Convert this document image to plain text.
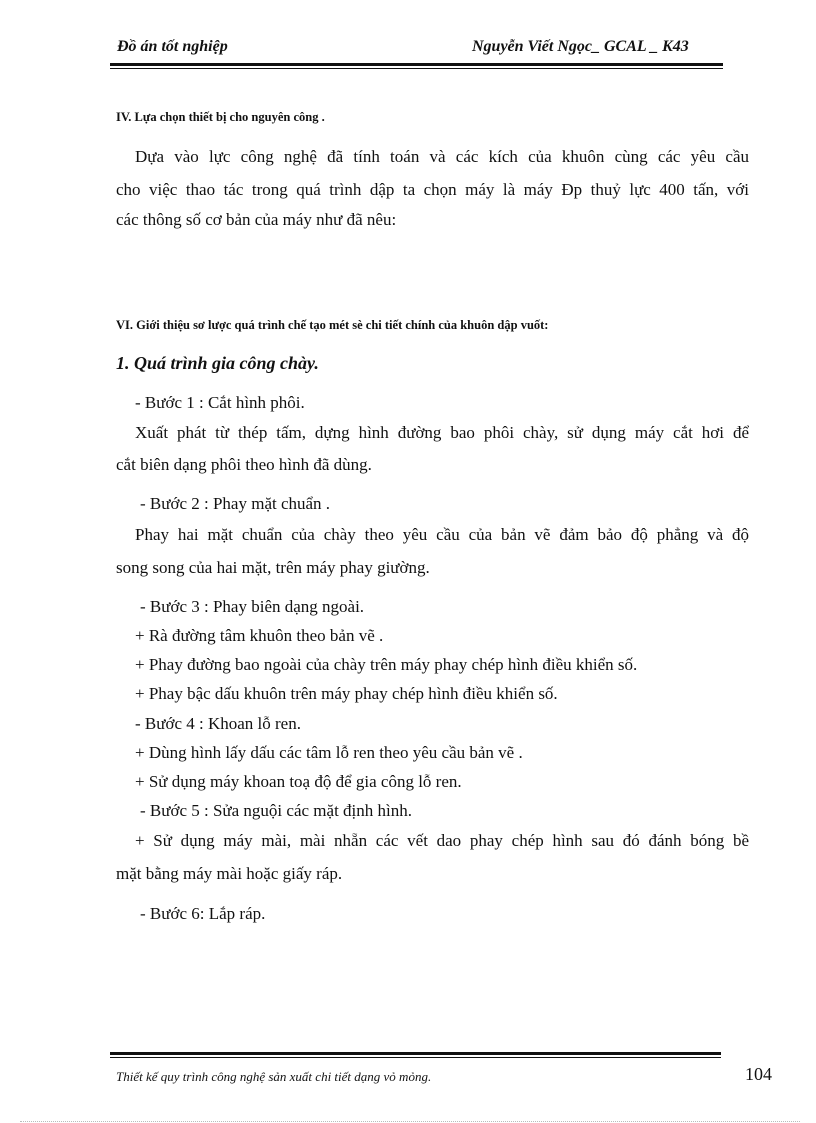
Đồ án tốt nghiệp	Nguyễn Viết Ngọc_ GCAL _ K43
IV. Lựa chọn thiết bị cho nguyên công .
Dựa vào lực công nghệ đã tính toán và các kích của khuôn cùng các yêu cầu
cho việc thao tác trong quá trình dập ta chọn máy là máy Đp thuỷ lực 400 tấn, với
các thông số cơ bản của máy như đã nêu:
VI. Giới thiệu sơ lược quá trình chế tạo mét sè chi tiết chính của khuôn dập vuốt:
1. Quá trình gia công chày.
- Bước 1 : Cắt hình phôi.
Xuất phát từ thép tấm, dựng hình đường bao phôi chày, sử dụng máy cắt hơi để
cắt biên dạng phôi theo hình đã dùng.
- Bước 2 : Phay mặt chuẩn .
Phay hai mặt chuẩn của chày theo yêu cầu của bản vẽ đảm bảo độ phẳng và độ
song song của hai mặt, trên máy phay giường.
- Bước 3 : Phay biên dạng ngoài.
+ Rà đường tâm khuôn theo bản vẽ .
+ Phay đường bao ngoài của chày trên máy phay chép hình điều khiển số.
+ Phay bậc dấu khuôn trên máy phay chép hình điều khiển số.
- Bước 4 : Khoan lỗ ren.
+ Dùng hình lấy dấu các tâm lỗ ren theo yêu cầu bản vẽ .
+ Sử dụng máy khoan toạ độ để gia công lỗ ren.
- Bước 5 : Sửa nguội các mặt định hình.
+ Sử dụng máy mài, mài nhẵn các vết dao phay chép hình sau đó đánh bóng bề
mặt bằng máy mài hoặc giấy ráp.
- Bước 6: Lắp ráp.
Thiết kế quy trình công nghệ sản xuất chi tiết dạng vỏ mỏng.	104
